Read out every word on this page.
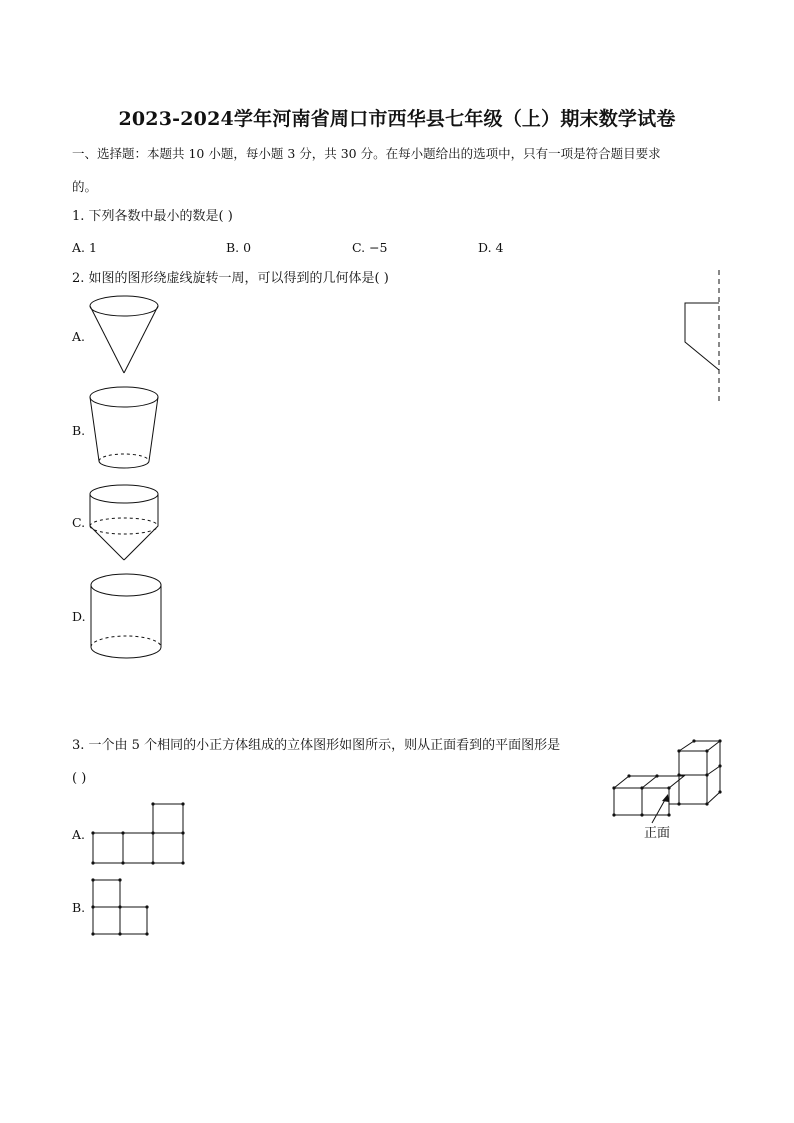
2023-2024学年河南省周口市西华县七年级（上）期末数学试卷
一、选择题：本题共 10 小题，每小题 3 分，共 30 分。在每小题给出的选项中，只有一项是符合题目要求
的。
1. 下列各数中最小的数是( )
A. 1	B. 0	C. −5	D. 4
2. 如图的图形绕虚线旋转一周，可以得到的几何体是( )
A.
B.
C.
D.
3. 一个由 5 个相同的小正方体组成的立体图形如图所示，则从正面看到的平面图形是
( )
正面
A.
B.
